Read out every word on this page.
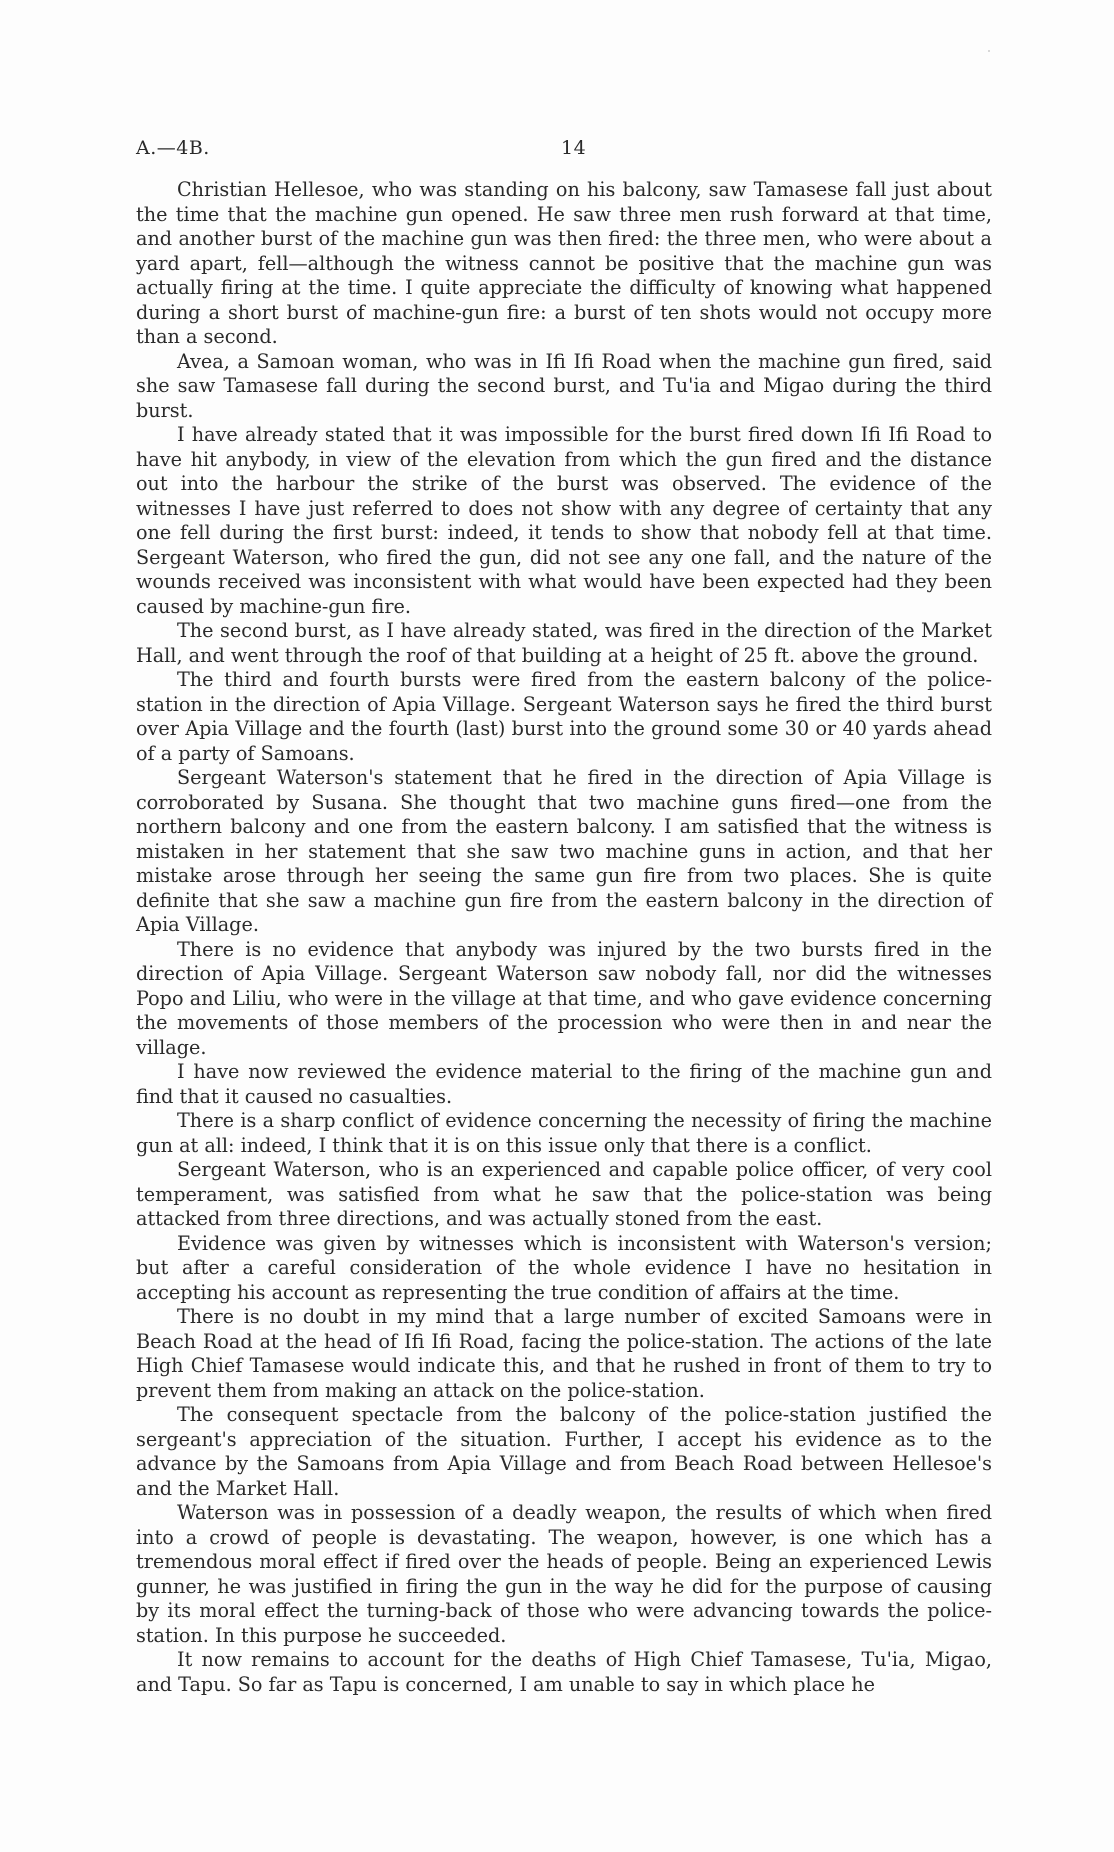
A.—4B.	14

Christian Hellesoe, who was standing on his balcony, saw Tamasese fall just about the time that the machine gun opened. He saw three men rush forward at that time, and another burst of the machine gun was then fired: the three men, who were about a yard apart, fell—although the witness cannot be positive that the machine gun was actually firing at the time. I quite appreciate the difficulty of knowing what happened during a short burst of machine-gun fire: a burst of ten shots would not occupy more than a second.

Avea, a Samoan woman, who was in Ifi Ifi Road when the machine gun fired, said she saw Tamasese fall during the second burst, and Tu'ia and Migao during the third burst.

I have already stated that it was impossible for the burst fired down Ifi Ifi Road to have hit anybody, in view of the elevation from which the gun fired and the distance out into the harbour the strike of the burst was observed. The evidence of the witnesses I have just referred to does not show with any degree of certainty that any one fell during the first burst: indeed, it tends to show that nobody fell at that time. Sergeant Waterson, who fired the gun, did not see any one fall, and the nature of the wounds received was inconsistent with what would have been expected had they been caused by machine-gun fire.

The second burst, as I have already stated, was fired in the direction of the Market Hall, and went through the roof of that building at a height of 25 ft. above the ground.

The third and fourth bursts were fired from the eastern balcony of the police-station in the direction of Apia Village. Sergeant Waterson says he fired the third burst over Apia Village and the fourth (last) burst into the ground some 30 or 40 yards ahead of a party of Samoans.

Sergeant Waterson's statement that he fired in the direction of Apia Village is corroborated by Susana. She thought that two machine guns fired—one from the northern balcony and one from the eastern balcony. I am satisfied that the witness is mistaken in her statement that she saw two machine guns in action, and that her mistake arose through her seeing the same gun fire from two places. She is quite definite that she saw a machine gun fire from the eastern balcony in the direction of Apia Village.

There is no evidence that anybody was injured by the two bursts fired in the direction of Apia Village. Sergeant Waterson saw nobody fall, nor did the witnesses Popo and Liliu, who were in the village at that time, and who gave evidence concerning the movements of those members of the procession who were then in and near the village.

I have now reviewed the evidence material to the firing of the machine gun and find that it caused no casualties.

There is a sharp conflict of evidence concerning the necessity of firing the machine gun at all: indeed, I think that it is on this issue only that there is a conflict.

Sergeant Waterson, who is an experienced and capable police officer, of very cool temperament, was satisfied from what he saw that the police-station was being attacked from three directions, and was actually stoned from the east.

Evidence was given by witnesses which is inconsistent with Waterson's version; but after a careful consideration of the whole evidence I have no hesitation in accepting his account as representing the true condition of affairs at the time.

There is no doubt in my mind that a large number of excited Samoans were in Beach Road at the head of Ifi Ifi Road, facing the police-station. The actions of the late High Chief Tamasese would indicate this, and that he rushed in front of them to try to prevent them from making an attack on the police-station.

The consequent spectacle from the balcony of the police-station justified the sergeant's appreciation of the situation. Further, I accept his evidence as to the advance by the Samoans from Apia Village and from Beach Road between Hellesoe's and the Market Hall.

Waterson was in possession of a deadly weapon, the results of which when fired into a crowd of people is devastating. The weapon, however, is one which has a tremendous moral effect if fired over the heads of people. Being an experienced Lewis gunner, he was justified in firing the gun in the way he did for the purpose of causing by its moral effect the turning-back of those who were advancing towards the police-station. In this purpose he succeeded.

It now remains to account for the deaths of High Chief Tamasese, Tu'ia, Migao, and Tapu. So far as Tapu is concerned, I am unable to say in which place he
